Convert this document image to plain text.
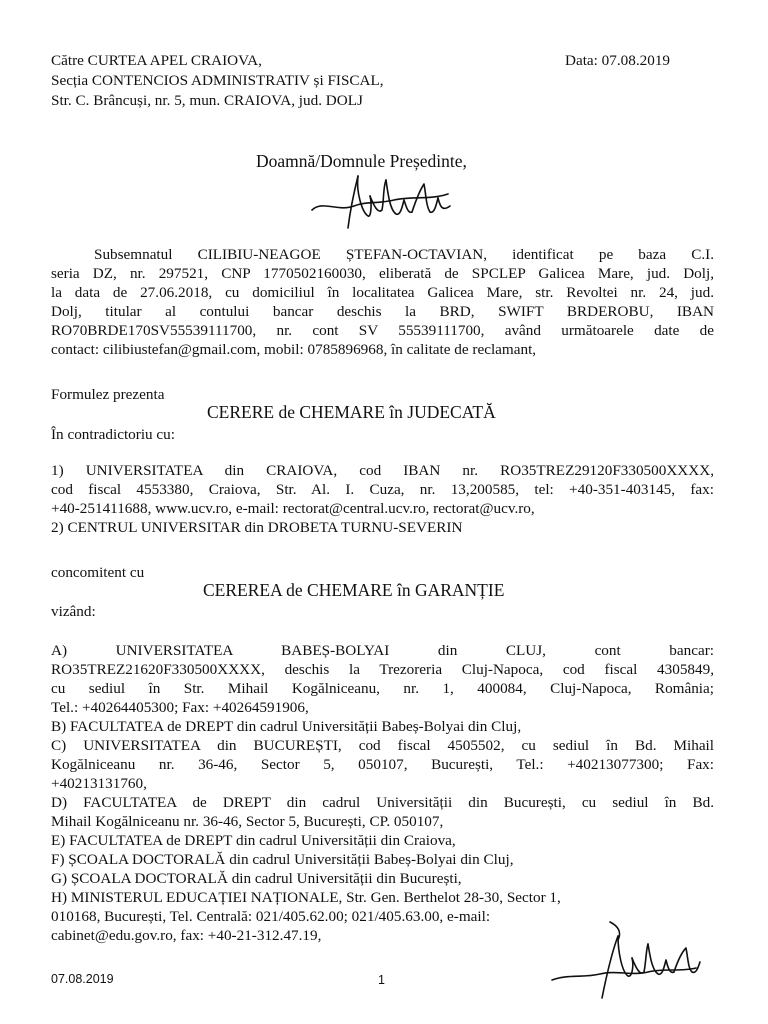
Către CURTEA APEL CRAIOVA,
Secția CONTENCIOS ADMINISTRATIV și FISCAL,
Str. C. Brâncuși, nr. 5, mun. CRAIOVA, jud. DOLJ
Data: 07.08.2019
Doamnă/Domnule Președinte,
Subsemnatul CILIBIU-NEAGOE ȘTEFAN-OCTAVIAN, identificat pe baza C.I.
seria DZ, nr. 297521, CNP 1770502160030, eliberată de SPCLEP Galicea Mare, jud. Dolj,
la data de 27.06.2018, cu domiciliul în localitatea Galicea Mare, str. Revoltei nr. 24, jud.
Dolj, titular al contului bancar deschis la BRD, SWIFT BRDEROBU, IBAN
RO70BRDE170SV55539111700, nr. cont SV 55539111700, având următoarele date de
contact: cilibiustefan@gmail.com, mobil: 0785896968, în calitate de reclamant,
Formulez prezenta
CERERE de CHEMARE în JUDECATĂ
În contradictoriu cu:
1) UNIVERSITATEA din CRAIOVA, cod IBAN nr. RO35TREZ29120F330500XXXX,
cod fiscal 4553380, Craiova, Str. Al. I. Cuza, nr. 13,200585, tel: +40-351-403145, fax:
+40-251411688, www.ucv.ro, e-mail: rectorat@central.ucv.ro, rectorat@ucv.ro,
2) CENTRUL UNIVERSITAR din DROBETA TURNU-SEVERIN
concomitent cu
CEREREA de CHEMARE în GARANȚIE
vizând:
A) UNIVERSITATEA BABEȘ-BOLYAI din CLUJ, cont bancar:
RO35TREZ21620F330500XXXX, deschis la Trezoreria Cluj-Napoca, cod fiscal 4305849,
cu sediul în Str. Mihail Kogălniceanu, nr. 1, 400084, Cluj-Napoca, România;
Tel.: +40264405300; Fax: +40264591906,
B) FACULTATEA de DREPT din cadrul Universității Babeș-Bolyai din Cluj,
C) UNIVERSITATEA din BUCUREȘTI, cod fiscal 4505502, cu sediul în Bd. Mihail
Kogălniceanu nr. 36-46, Sector 5, 050107, București, Tel.: +40213077300; Fax:
+40213131760,
D) FACULTATEA de DREPT din cadrul Universității din București, cu sediul în Bd.
Mihail Kogălniceanu nr. 36-46, Sector 5, București, CP. 050107,
E) FACULTATEA de DREPT din cadrul Universității din Craiova,
F) ȘCOALA DOCTORALĂ din cadrul Universității Babeș-Bolyai din Cluj,
G) ȘCOALA DOCTORALĂ din cadrul Universității din București,
H) MINISTERUL EDUCAȚIEI NAȚIONALE, Str. Gen. Berthelot 28-30, Sector 1,
010168, București, Tel. Centrală: 021/405.62.00; 021/405.63.00, e-mail:
cabinet@edu.gov.ro, fax: +40-21-312.47.19,
07.08.2019	1
